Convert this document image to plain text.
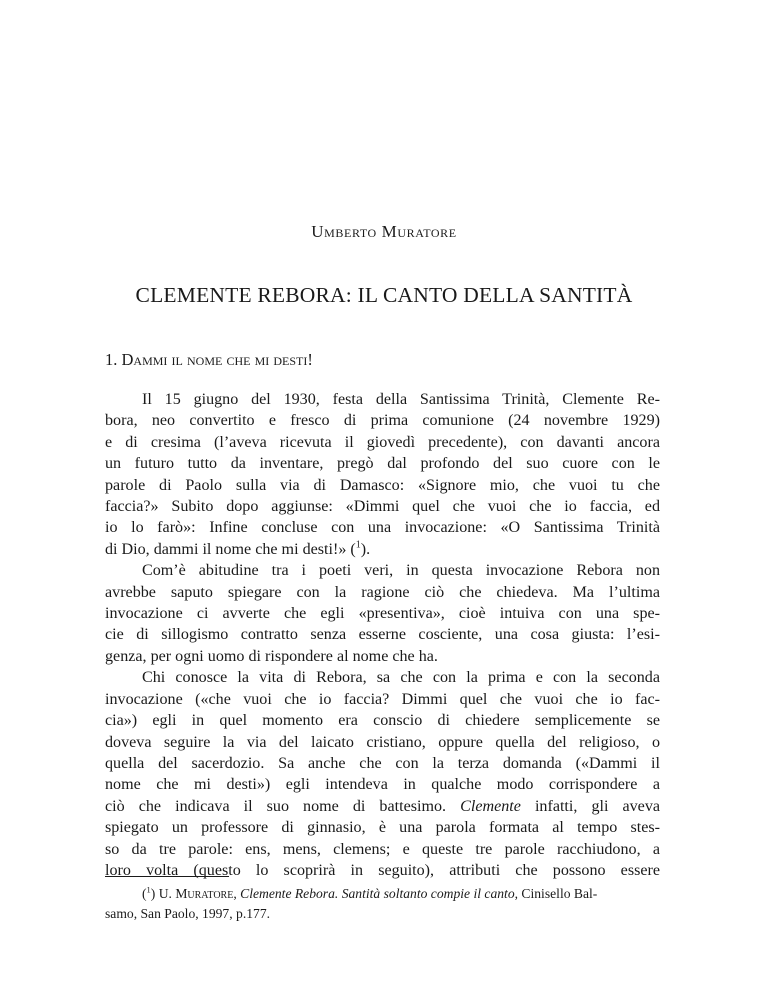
Umberto Muratore
CLEMENTE REBORA: IL CANTO DELLA SANTITÀ
1. Dammi il nome che mi desti!
Il 15 giugno del 1930, festa della Santissima Trinità, Clemente Re-
bora, neo convertito e fresco di prima comunione (24 novembre 1929)
e di cresima (l’aveva ricevuta il giovedì precedente), con davanti ancora
un futuro tutto da inventare, pregò dal profondo del suo cuore con le
parole di Paolo sulla via di Damasco: «Signore mio, che vuoi tu che
faccia?» Subito dopo aggiunse: «Dimmi quel che vuoi che io faccia, ed
io lo farò»: Infine concluse con una invocazione: «O Santissima Trinità
di Dio, dammi il nome che mi desti!» ($^1$).
Com’è abitudine tra i poeti veri, in questa invocazione Rebora non
avrebbe saputo spiegare con la ragione ciò che chiedeva. Ma l’ultima
invocazione ci avverte che egli «presentiva», cioè intuiva con una spe-
cie di sillogismo contratto senza esserne cosciente, una cosa giusta: l’esi-
genza, per ogni uomo di rispondere al nome che ha.
Chi conosce la vita di Rebora, sa che con la prima e con la seconda
invocazione («che vuoi che io faccia? Dimmi quel che vuoi che io fac-
cia») egli in quel momento era conscio di chiedere semplicemente se
doveva seguire la via del laicato cristiano, oppure quella del religioso, o
quella del sacerdozio. Sa anche che con la terza domanda («Dammi il
nome che mi desti») egli intendeva in qualche modo corrispondere a
ciò che indicava il suo nome di battesimo. Clemente infatti, gli aveva
spiegato un professore di ginnasio, è una parola formata al tempo stes-
so da tre parole: ens, mens, clemens; e queste tre parole racchiudono, a
loro volta (questo lo scoprirà in seguito), attributi che possono essere
($^1$) U. Muratore, Clemente Rebora. Santità soltanto compie il canto, Cinisello Bal-
samo, San Paolo, 1997, p.177.
